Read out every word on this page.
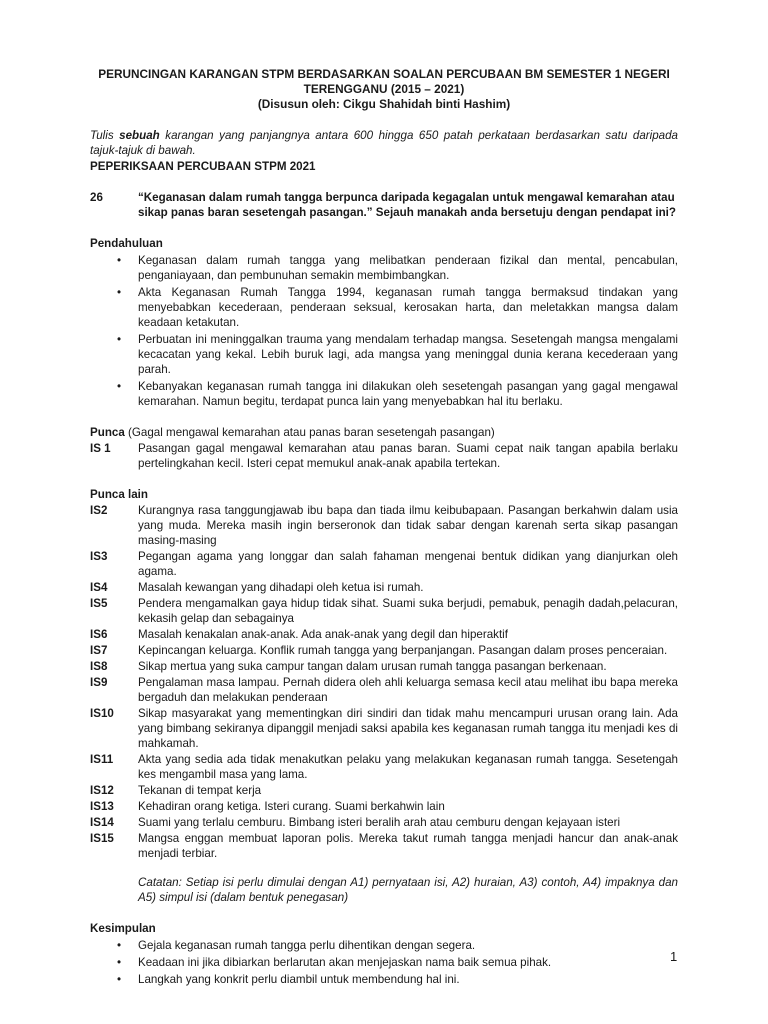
PERUNCINGAN KARANGAN STPM BERDASARKAN SOALAN PERCUBAAN BM SEMESTER 1 NEGERI
TERENGGANU (2015 – 2021)
(Disusun oleh: Cikgu Shahidah binti Hashim)
Tulis sebuah karangan yang panjangnya antara 600 hingga 650 patah perkataan berdasarkan satu daripada tajuk-tajuk di bawah.
PEPERIKSAAN PERCUBAAN STPM 2021
26	“Keganasan dalam rumah tangga berpunca daripada kegagalan untuk mengawal kemarahan atau sikap panas baran sesetengah pasangan.” Sejauh manakah anda bersetuju dengan pendapat ini?
Pendahuluan
• Keganasan dalam rumah tangga yang melibatkan penderaan fizikal dan mental, pencabulan, penganiayaan, dan pembunuhan semakin membimbangkan.
• Akta Keganasan Rumah Tangga 1994, keganasan rumah tangga bermaksud tindakan yang menyebabkan kecederaan, penderaan seksual, kerosakan harta, dan meletakkan mangsa dalam keadaan ketakutan.
• Perbuatan ini meninggalkan trauma yang mendalam terhadap mangsa. Sesetengah mangsa mengalami kecacatan yang kekal. Lebih buruk lagi, ada mangsa yang meninggal dunia kerana kecederaan yang parah.
• Kebanyakan keganasan rumah tangga ini dilakukan oleh sesetengah pasangan yang gagal mengawal kemarahan. Namun begitu, terdapat punca lain yang menyebabkan hal itu berlaku.
Punca (Gagal mengawal kemarahan atau panas baran sesetengah pasangan)
IS 1	Pasangan gagal mengawal kemarahan atau panas baran. Suami cepat naik tangan apabila berlaku pertelingkahan kecil. Isteri cepat memukul anak-anak apabila tertekan.
Punca lain
IS2	Kurangnya rasa tanggungjawab ibu bapa dan tiada ilmu keibubapaan. Pasangan berkahwin dalam usia yang muda. Mereka masih ingin berseronok dan tidak sabar dengan karenah serta sikap pasangan masing-masing
IS3	Pegangan agama yang longgar dan salah fahaman mengenai bentuk didikan yang dianjurkan oleh agama.
IS4	Masalah kewangan yang dihadapi oleh ketua isi rumah.
IS5	Pendera mengamalkan gaya hidup tidak sihat. Suami suka berjudi, pemabuk, penagih dadah,pelacuran, kekasih gelap dan sebagainya
IS6	Masalah kenakalan anak-anak. Ada anak-anak yang degil dan hiperaktif
IS7	Kepincangan keluarga. Konflik rumah tangga yang berpanjangan. Pasangan dalam proses penceraian.
IS8	Sikap mertua yang suka campur tangan dalam urusan rumah tangga pasangan berkenaan.
IS9	Pengalaman masa lampau. Pernah didera oleh ahli keluarga semasa kecil atau melihat ibu bapa mereka bergaduh dan melakukan penderaan
IS10	Sikap masyarakat yang mementingkan diri sindiri dan tidak mahu mencampuri urusan orang lain. Ada yang bimbang sekiranya dipanggil menjadi saksi apabila kes keganasan rumah tangga itu menjadi kes di mahkamah.
IS11	Akta yang sedia ada tidak menakutkan pelaku yang melakukan keganasan rumah tangga. Sesetengah kes mengambil masa yang lama.
IS12	Tekanan di tempat kerja
IS13	Kehadiran orang ketiga. Isteri curang. Suami berkahwin lain
IS14	Suami yang terlalu cemburu. Bimbang isteri beralih arah atau cemburu dengan kejayaan isteri
IS15	Mangsa enggan membuat laporan polis. Mereka takut rumah tangga menjadi hancur dan anak-anak menjadi terbiar.
Catatan: Setiap isi perlu dimulai dengan A1) pernyataan isi, A2) huraian, A3) contoh, A4) impaknya dan A5) simpul isi (dalam bentuk penegasan)
Kesimpulan
• Gejala keganasan rumah tangga perlu dihentikan dengan segera.
• Keadaan ini jika dibiarkan berlarutan akan menjejaskan nama baik semua pihak.
• Langkah yang konkrit perlu diambil untuk membendung hal ini.
1
